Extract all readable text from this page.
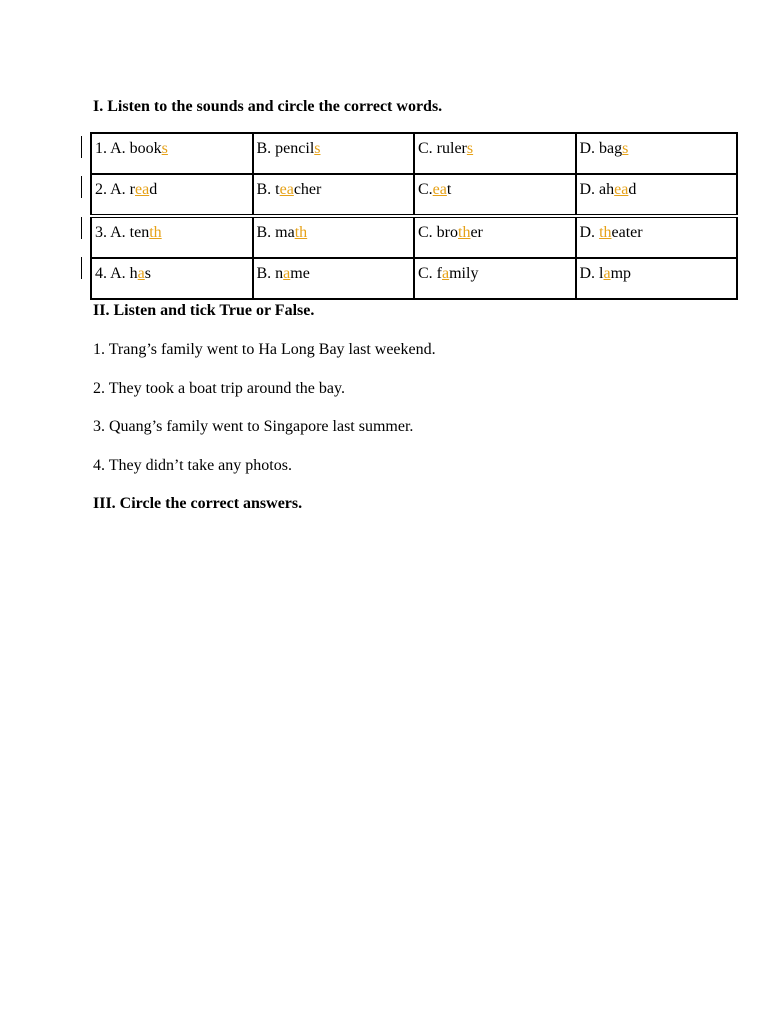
I. Listen to the sounds and circle the correct words.
1. A. books	B. pencils	C. rulers	D. bags
2. A. read	B. teacher	C.eat	D. ahead
3. A. tenth	B. math	C. brother	D. theater
4. A. has	B. name	C. family	D. lamp
II. Listen and tick True or False.
1. Trang’s family went to Ha Long Bay last weekend.
2. They took a boat trip around the bay.
3. Quang’s family went to Singapore last summer.
4. They didn’t take any photos.
III. Circle the correct answers.
